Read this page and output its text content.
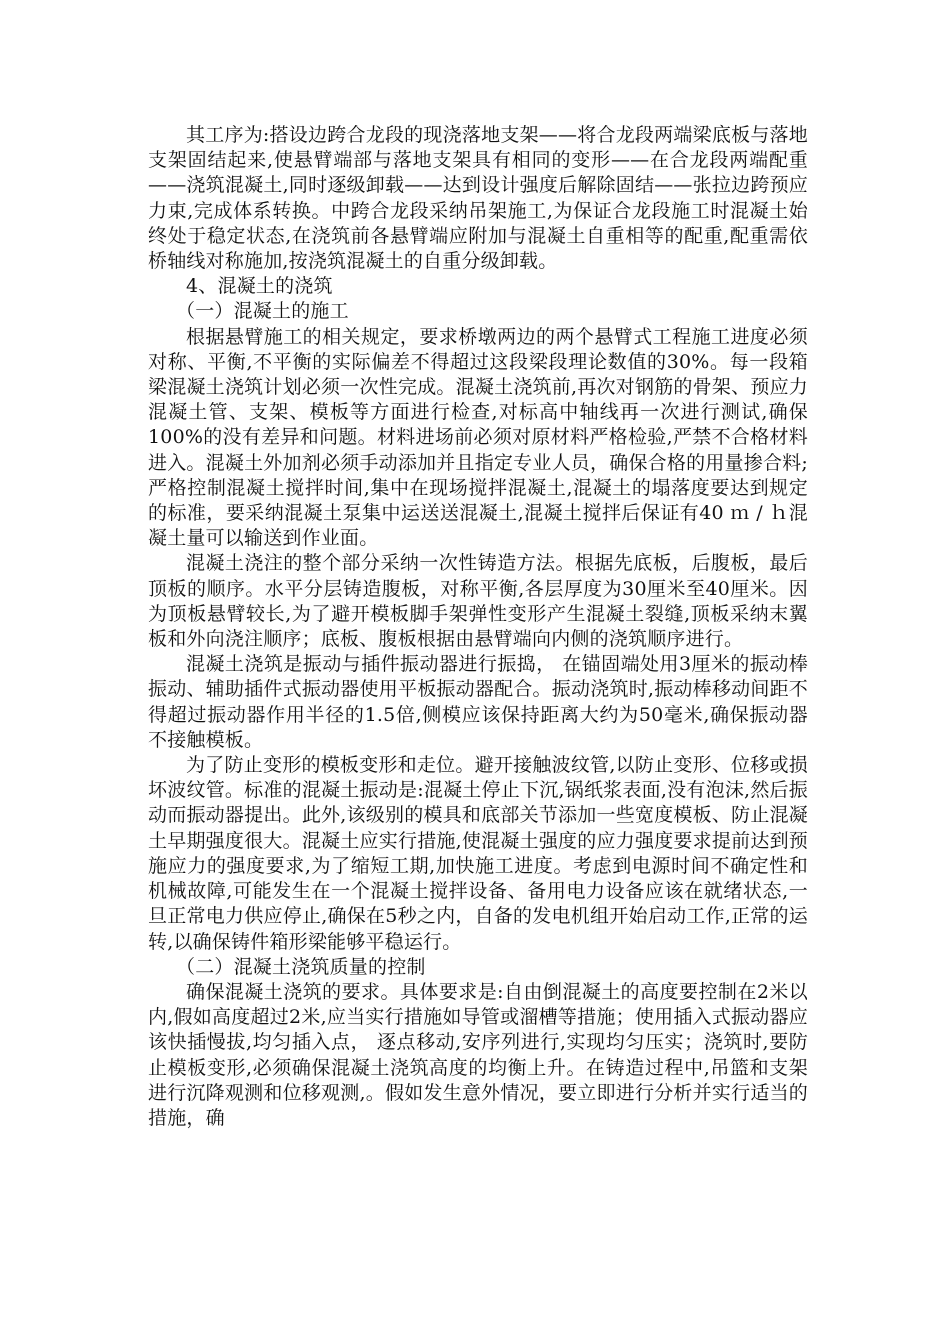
其工序为:搭设边跨合龙段的现浇落地支架——将合龙段两端梁底板与落地支架固结起来,使悬臂端部与落地支架具有相同的变形——在合龙段两端配重——浇筑混凝土,同时逐级卸载——达到设计强度后解除固结——张拉边跨预应力束,完成体系转换。中跨合龙段采纳吊架施工,为保证合龙段施工时混凝土始终处于稳定状态,在浇筑前各悬臂端应附加与混凝土自重相等的配重,配重需依桥轴线对称施加,按浇筑混凝土的自重分级卸载。

4、混凝土的浇筑

（一）混凝土的施工

根据悬臂施工的相关规定，要求桥墩两边的两个悬臂式工程施工进度必须对称、平衡,不平衡的实际偏差不得超过这段梁段理论数值的30%。每一段箱梁混凝土浇筑计划必须一次性完成。混凝土浇筑前,再次对钢筋的骨架、预应力混凝土管、支架、模板等方面进行检查,对标高中轴线再一次进行测试,确保100%的没有差异和问题。材料进场前必须对原材料严格检验,严禁不合格材料进入。混凝土外加剂必须手动添加并且指定专业人员，确保合格的用量掺合料;严格控制混凝土搅拌时间,集中在现场搅拌混凝土,混凝土的塌落度要达到规定的标准，要采纳混凝土泵集中运送送混凝土,混凝土搅拌后保证有40 ｍ / ｈ混凝土量可以输送到作业面。

混凝土浇注的整个部分采纳一次性铸造方法。根据先底板，后腹板，最后顶板的顺序。水平分层铸造腹板，对称平衡,各层厚度为30厘米至40厘米。因为顶板悬臂较长,为了避开模板脚手架弹性变形产生混凝土裂缝,顶板采纳末翼板和外向浇注顺序；底板、腹板根据由悬臂端向内侧的浇筑顺序进行。

混凝土浇筑是振动与插件振动器进行振捣， 在锚固端处用3厘米的振动棒振动、辅助插件式振动器使用平板振动器配合。振动浇筑时,振动棒移动间距不得超过振动器作用半径的1.5倍,侧模应该保持距离大约为50毫米,确保振动器不接触模板。

为了防止变形的模板变形和走位。避开接触波纹管,以防止变形、位移或损坏波纹管。标准的混凝土振动是:混凝土停止下沉,锅纸浆表面,没有泡沫,然后振动而振动器提出。此外,该级别的模具和底部关节添加一些宽度模板、防止混凝土早期强度很大。混凝土应实行措施,使混凝土强度的应力强度要求提前达到预施应力的强度要求,为了缩短工期,加快施工进度。考虑到电源时间不确定性和机械故障,可能发生在一个混凝土搅拌设备、备用电力设备应该在就绪状态,一旦正常电力供应停止,确保在5秒之内，自备的发电机组开始启动工作,正常的运转,以确保铸件箱形梁能够平稳运行。

（二）混凝土浇筑质量的控制

确保混凝土浇筑的要求。具体要求是:自由倒混凝土的高度要控制在2米以内,假如高度超过2米,应当实行措施如导管或溜槽等措施；使用插入式振动器应该快插慢拔,均匀插入点， 逐点移动,安序列进行,实现均匀压实；浇筑时,要防止模板变形,必须确保混凝土浇筑高度的均衡上升。在铸造过程中,吊篮和支架进行沉降观测和位移观测,。假如发生意外情况，要立即进行分析并实行适当的措施，确
